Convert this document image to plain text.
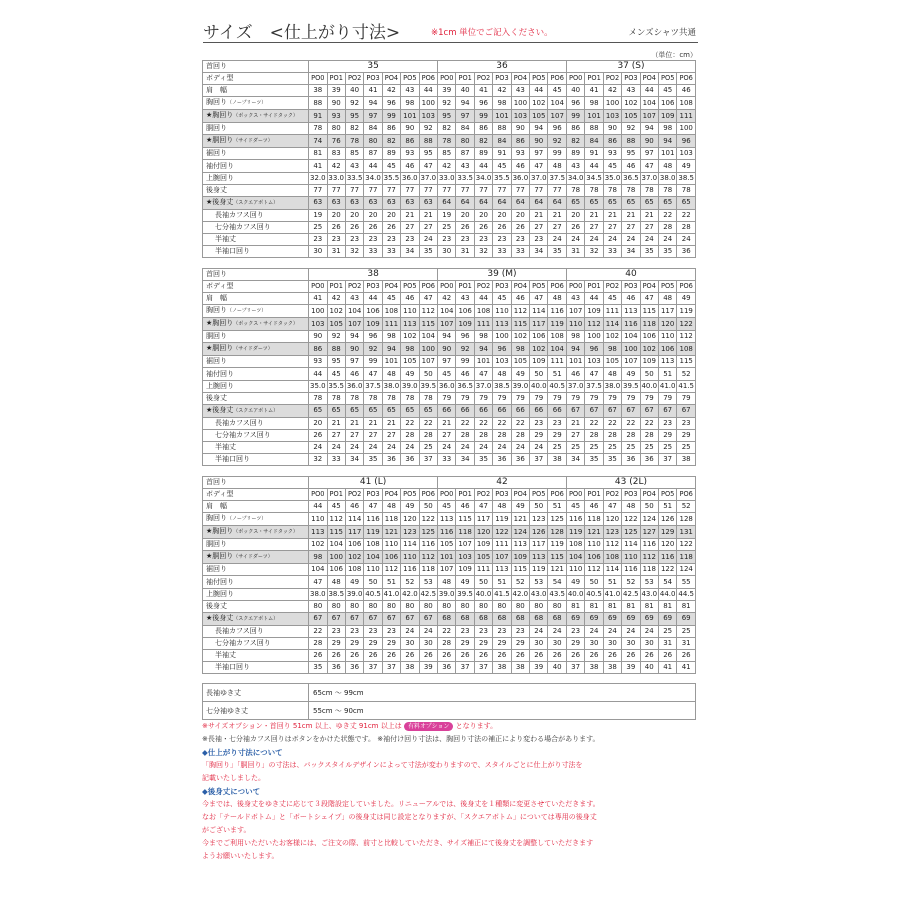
サイズ　<仕上がり寸法>	※1cm 単位でご記入ください。	メンズシャツ共通
（単位：cm）
首回り	35							36							37 (S)						
ボディ型	PO0	PO1	PO2	PO3	PO4	PO5	PO6	PO0	PO1	PO2	PO3	PO4	PO5	PO6	PO0	PO1	PO2	PO3	PO4	PO5	PO6
肩　幅	38	39	40	41	42	43	44	39	40	41	42	43	44	45	40	41	42	43	44	45	46
胸回り（ノープリーツ）	88	90	92	94	96	98	100	92	94	96	98	100	102	104	96	98	100	102	104	106	108
★胸回り（ボックス・サイドタック）	91	93	95	97	99	101	103	95	97	99	101	103	105	107	99	101	103	105	107	109	111
胴回り	78	80	82	84	86	90	92	82	84	86	88	90	94	96	86	88	90	92	94	98	100
★胴回り（サイドダーツ）	74	76	78	80	82	86	88	78	80	82	84	86	90	92	82	84	86	88	90	94	96
裾回り	81	83	85	87	89	93	95	85	87	89	91	93	97	99	89	91	93	95	97	101	103
袖付回り	41	42	43	44	45	46	47	42	43	44	45	46	47	48	43	44	45	46	47	48	49
上腕回り	32.0	33.0	33.5	34.0	35.5	36.0	37.0	33.0	33.5	34.0	35.5	36.0	37.0	37.5	34.0	34.5	35.0	36.5	37.0	38.0	38.5
後身丈	77	77	77	77	77	77	77	77	77	77	77	77	77	77	78	78	78	78	78	78	78
★後身丈（スクエアボトム）	63	63	63	63	63	63	63	64	64	64	64	64	64	64	65	65	65	65	65	65	65
長袖カフス回り	19	20	20	20	20	21	21	19	20	20	20	20	21	21	20	21	21	21	21	22	22
七分袖カフス回り	25	26	26	26	26	27	27	25	26	26	26	26	27	27	26	27	27	27	27	28	28
半袖丈	23	23	23	23	23	23	24	23	23	23	23	23	23	24	24	24	24	24	24	24	24
半袖口回り	30	31	32	33	33	34	35	30	31	32	33	33	34	35	31	32	33	34	35	35	36
首回り	38							39 (M)							40						
ボディ型	PO0	PO1	PO2	PO3	PO4	PO5	PO6	PO0	PO1	PO2	PO3	PO4	PO5	PO6	PO0	PO1	PO2	PO3	PO4	PO5	PO6
肩　幅	41	42	43	44	45	46	47	42	43	44	45	46	47	48	43	44	45	46	47	48	49
胸回り（ノープリーツ）	100	102	104	106	108	110	112	104	106	108	110	112	114	116	107	109	111	113	115	117	119
★胸回り（ボックス・サイドタック）	103	105	107	109	111	113	115	107	109	111	113	115	117	119	110	112	114	116	118	120	122
胴回り	90	92	94	96	98	102	104	94	96	98	100	102	106	108	98	100	102	104	106	110	112
★胴回り（サイドダーツ）	86	88	90	92	94	98	100	90	92	94	96	98	102	104	94	96	98	100	102	106	108
裾回り	93	95	97	99	101	105	107	97	99	101	103	105	109	111	101	103	105	107	109	113	115
袖付回り	44	45	46	47	48	49	50	45	46	47	48	49	50	51	46	47	48	49	50	51	52
上腕回り	35.0	35.5	36.0	37.5	38.0	39.0	39.5	36.0	36.5	37.0	38.5	39.0	40.0	40.5	37.0	37.5	38.0	39.5	40.0	41.0	41.5
後身丈	78	78	78	78	78	78	78	79	79	79	79	79	79	79	79	79	79	79	79	79	79
★後身丈（スクエアボトム）	65	65	65	65	65	65	65	66	66	66	66	66	66	66	67	67	67	67	67	67	67
長袖カフス回り	20	21	21	21	21	22	22	21	22	22	22	22	23	23	21	22	22	22	22	23	23
七分袖カフス回り	26	27	27	27	27	28	28	27	28	28	28	28	29	29	27	28	28	28	28	29	29
半袖丈	24	24	24	24	24	24	25	24	24	24	24	24	24	25	25	25	25	25	25	25	25
半袖口回り	32	33	34	35	36	36	37	33	34	35	36	36	37	38	34	35	35	36	36	37	38
首回り	41 (L)							42							43 (2L)						
ボディ型	PO0	PO1	PO2	PO3	PO4	PO5	PO6	PO0	PO1	PO2	PO3	PO4	PO5	PO6	PO0	PO1	PO2	PO3	PO4	PO5	PO6
肩　幅	44	45	46	47	48	49	50	45	46	47	48	49	50	51	45	46	47	48	50	51	52
胸回り（ノープリーツ）	110	112	114	116	118	120	122	113	115	117	119	121	123	125	116	118	120	122	124	126	128
★胸回り（ボックス・サイドタック）	113	115	117	119	121	123	125	116	118	120	122	124	126	128	119	121	123	125	127	129	131
胴回り	102	104	106	108	110	114	116	105	107	109	111	113	117	119	108	110	112	114	116	120	122
★胴回り（サイドダーツ）	98	100	102	104	106	110	112	101	103	105	107	109	113	115	104	106	108	110	112	116	118
裾回り	104	106	108	110	112	116	118	107	109	111	113	115	119	121	110	112	114	116	118	122	124
袖付回り	47	48	49	50	51	52	53	48	49	50	51	52	53	54	49	50	51	52	53	54	55
上腕回り	38.0	38.5	39.0	40.5	41.0	42.0	42.5	39.0	39.5	40.0	41.5	42.0	43.0	43.5	40.0	40.5	41.0	42.5	43.0	44.0	44.5
後身丈	80	80	80	80	80	80	80	80	80	80	80	80	80	80	81	81	81	81	81	81	81
★後身丈（スクエアボトム）	67	67	67	67	67	67	67	68	68	68	68	68	68	68	69	69	69	69	69	69	69
長袖カフス回り	22	23	23	23	23	24	24	22	23	23	23	23	24	24	23	24	24	24	24	25	25
七分袖カフス回り	28	29	29	29	29	30	30	28	29	29	29	29	30	30	29	30	30	30	30	31	31
半袖丈	26	26	26	26	26	26	26	26	26	26	26	26	26	26	26	26	26	26	26	26	26
半袖口回り	35	36	36	37	37	38	39	36	37	37	38	38	39	40	37	38	38	39	40	41	41
長袖ゆき丈	65cm ～ 99cm
七分袖ゆき丈	55cm ～ 90cm
※サイズオプション・首回り 51cm 以上、ゆき丈 91cm 以上は 有料オプション となります。
※長袖・七分袖カフス回りはボタンをかけた状態です。 ※袖付け回り寸法は、胸回り寸法の補正により変わる場合があります。
◆仕上がり寸法について
「胸回り」「胴回り」の寸法は、バックスタイルデザインによって寸法が変わりますので、スタイルごとに仕上がり寸法を
記載いたしました。
◆後身丈について
今までは、後身丈をゆき丈に応じて３段階設定していました。リニューアルでは、後身丈を１種類に変更させていただきます。
なお「テールドボトム」と「ボートシェイプ」の後身丈は同じ設定となりますが、「スクエアボトム」については専用の後身丈
がございます。
今までご利用いただいたお客様には、ご注文の際、前寸と比較していただき、サイズ補正にて後身丈を調整していただきます
ようお願いいたします。
